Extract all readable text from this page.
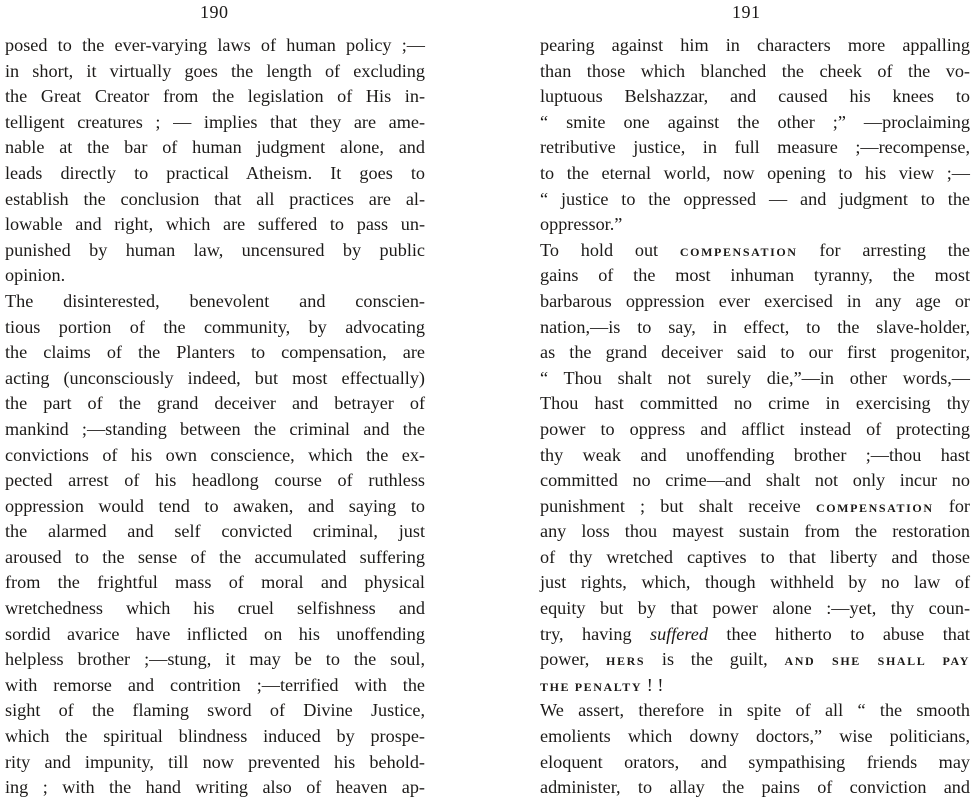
190	191
posed to the ever-varying laws of human policy ;—
in short, it virtually goes the length of excluding
the Great Creator from the legislation of His in-
telligent creatures ; — implies that they are ame-
nable at the bar of human judgment alone, and
leads directly to practical Atheism. It goes to
establish the conclusion that all practices are al-
lowable and right, which are suffered to pass un-
punished by human law, uncensured by public
opinion.
The disinterested, benevolent and conscien-
tious portion of the community, by advocating
the claims of the Planters to compensation, are
acting (unconsciously indeed, but most effectually)
the part of the grand deceiver and betrayer of
mankind ;—standing between the criminal and the
convictions of his own conscience, which the ex-
pected arrest of his headlong course of ruthless
oppression would tend to awaken, and saying to
the alarmed and self convicted criminal, just
aroused to the sense of the accumulated suffering
from the frightful mass of moral and physical
wretchedness which his cruel selfishness and
sordid avarice have inflicted on his unoffending
helpless brother ;—stung, it may be to the soul,
with remorse and contrition ;—terrified with the
sight of the flaming sword of Divine Justice,
which the spiritual blindness induced by prospe-
rity and impunity, till now prevented his behold-
ing ; with the hand writing also of heaven ap-
pearing against him in characters more appalling
than those which blanched the cheek of the vo-
luptuous Belshazzar, and caused his knees to
“ smite one against the other ;” —proclaiming
retributive justice, in full measure ;—recompense,
to the eternal world, now opening to his view ;—
“ justice to the oppressed — and judgment to the
oppressor.”
To hold out COMPENSATION for arresting the
gains of the most inhuman tyranny, the most
barbarous oppression ever exercised in any age or
nation,—is to say, in effect, to the slave-holder,
as the grand deceiver said to our first progenitor,
“ Thou shalt not surely die,”—in other words,—
Thou hast committed no crime in exercising thy
power to oppress and afflict instead of protecting
thy weak and unoffending brother ;—thou hast
committed no crime—and shalt not only incur no
punishment ; but shalt receive COMPENSATION for
any loss thou mayest sustain from the restoration
of thy wretched captives to that liberty and those
just rights, which, though withheld by no law of
equity but by that power alone :—yet, thy coun-
try, having suffered thee hitherto to abuse that
power, HERS is the guilt, AND SHE SHALL PAY
THE PENALTY ! !
We assert, therefore in spite of all “ the smooth
emolients which downy doctors,” wise politicians,
eloquent orators, and sympathising friends may
administer, to allay the pains of conviction and
